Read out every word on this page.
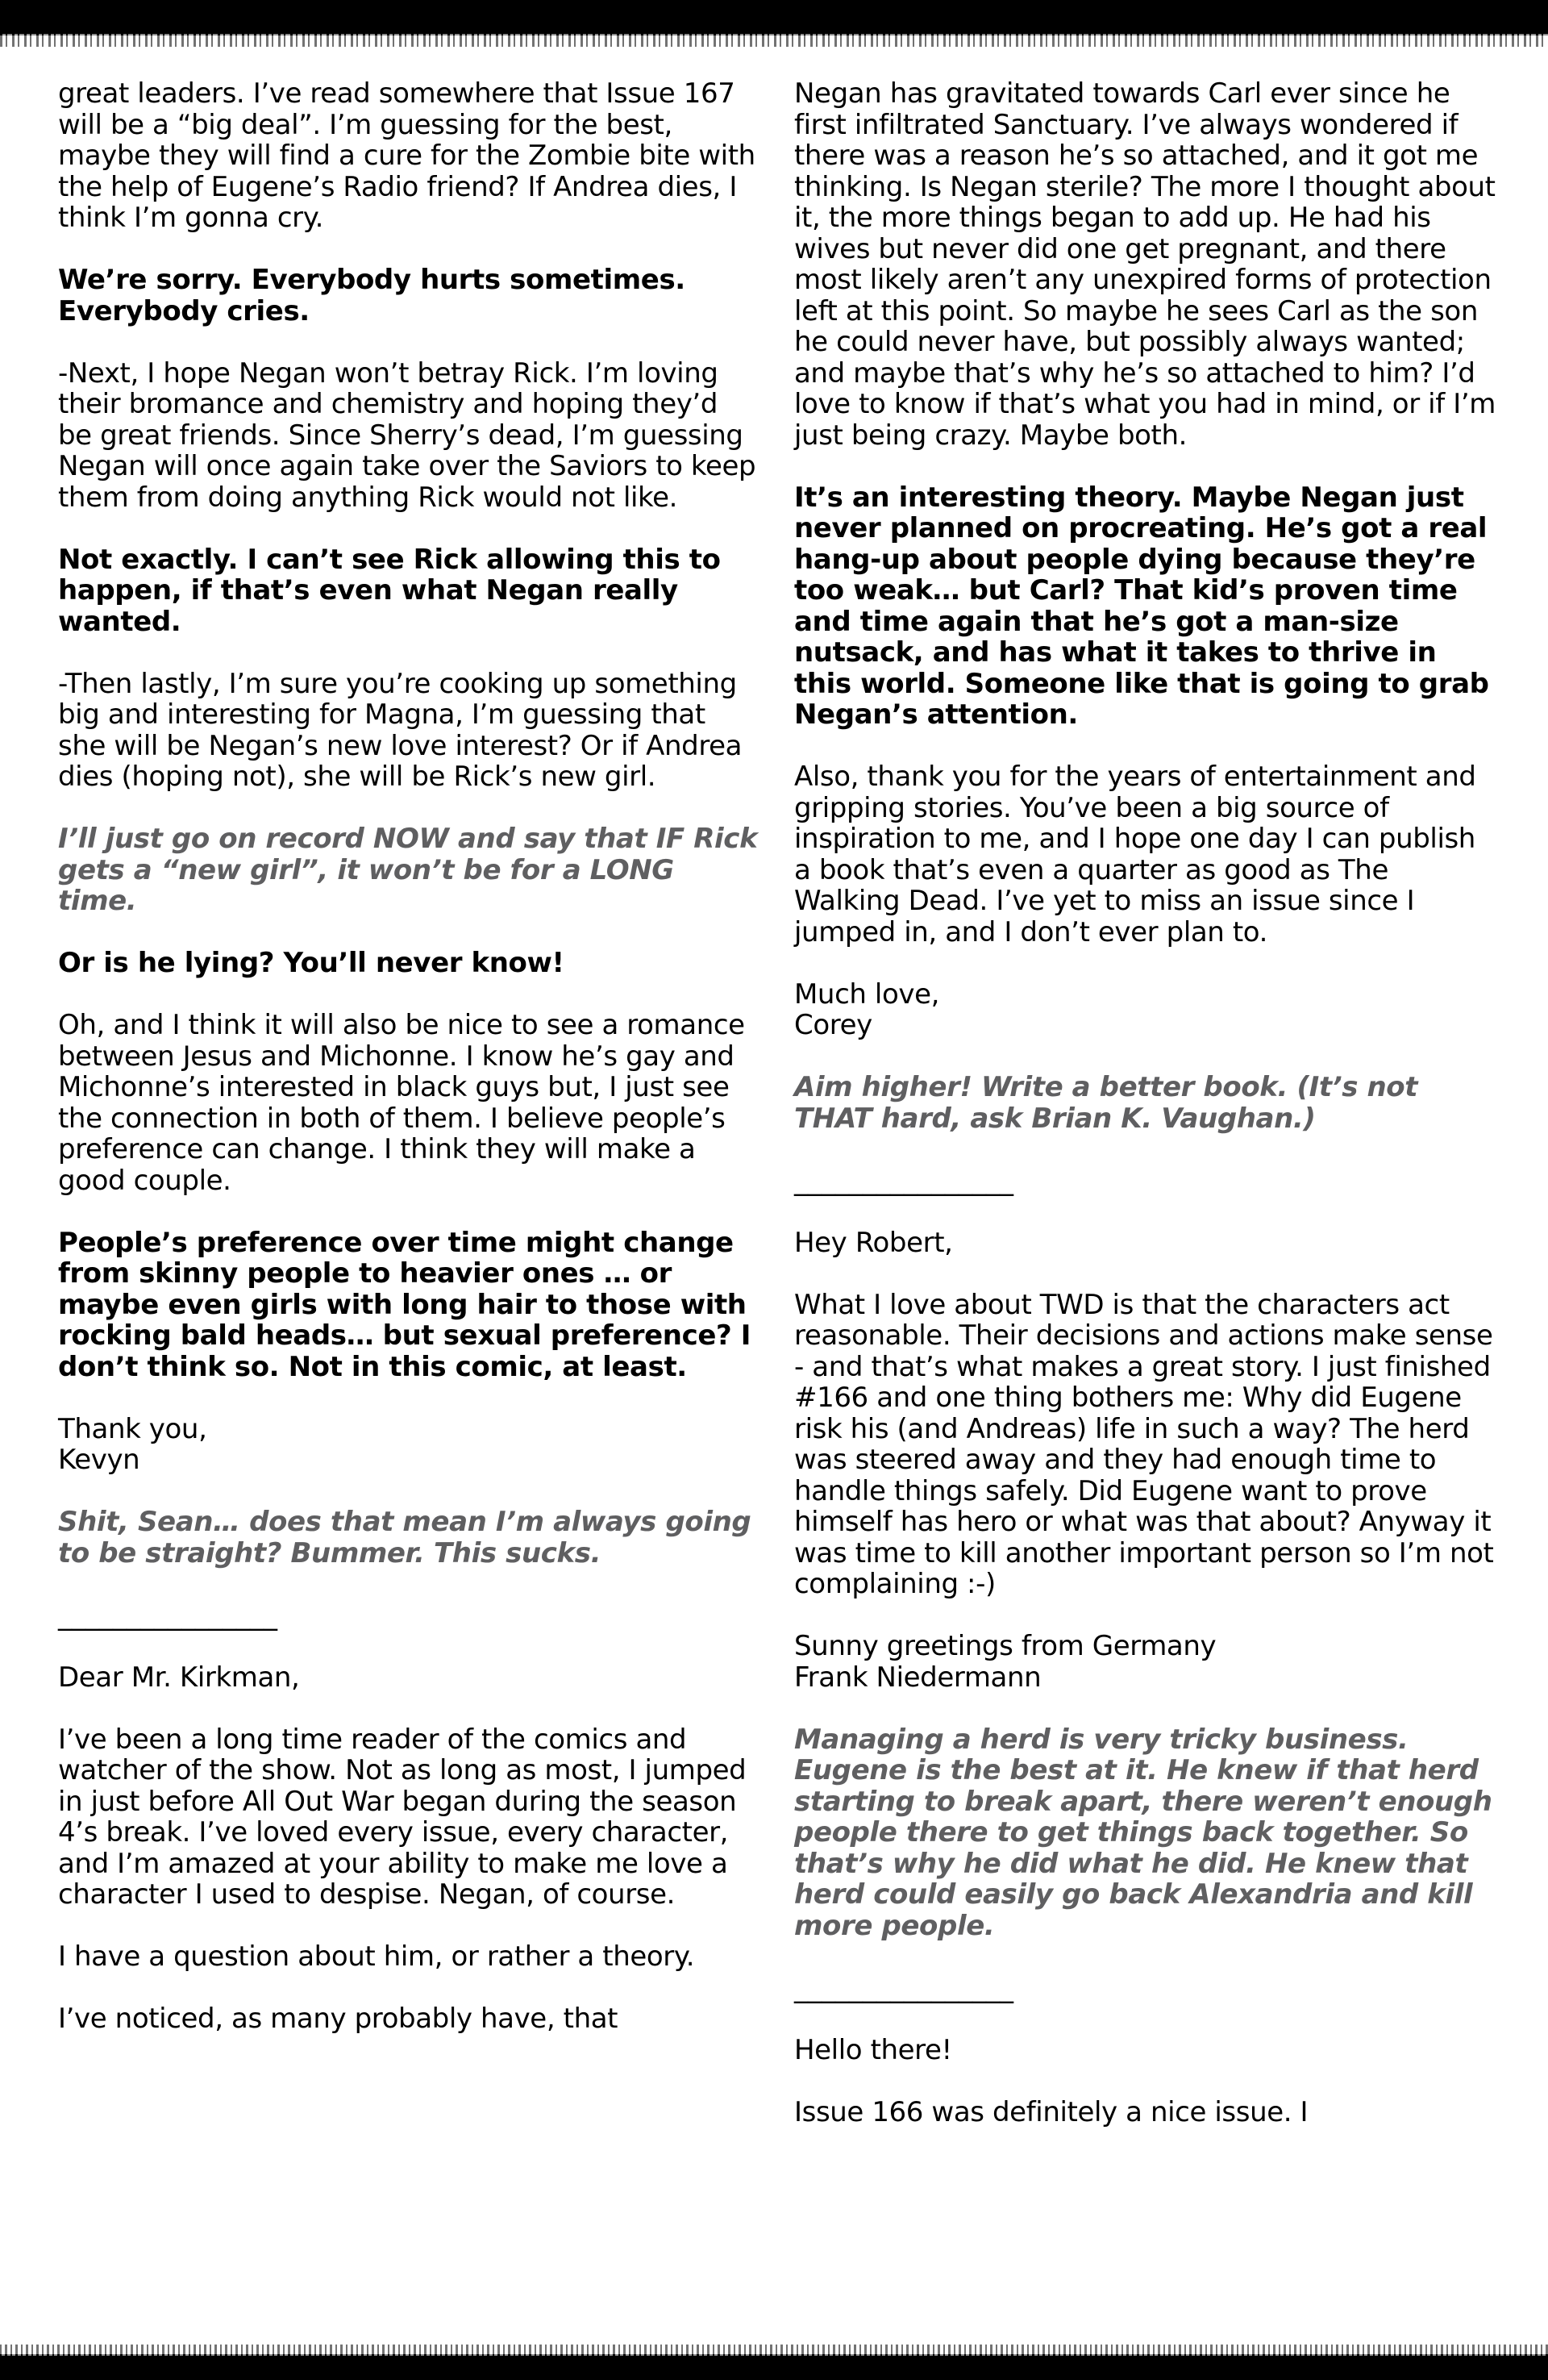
great leaders. I’ve read somewhere that Issue 167 will be a “big deal”. I’m guessing for the best, maybe they will find a cure for the Zombie bite with the help of Eugene’s Radio friend? If Andrea dies, I think I’m gonna cry.

We’re sorry. Everybody hurts sometimes. Everybody cries.

-Next, I hope Negan won’t betray Rick. I’m loving their bromance and chemistry and hoping they’d be great friends. Since Sherry’s dead, I’m guessing Negan will once again take over the Saviors to keep them from doing anything Rick would not like.

Not exactly. I can’t see Rick allowing this to happen, if that’s even what Negan really wanted.

-Then lastly, I’m sure you’re cooking up something big and interesting for Magna, I’m guessing that she will be Negan’s new love interest? Or if Andrea dies (hoping not), she will be Rick’s new girl.

I’ll just go on record NOW and say that IF Rick gets a “new girl”, it won’t be for a LONG time.

Or is he lying? You’ll never know!

Oh, and I think it will also be nice to see a romance between Jesus and Michonne. I know he’s gay and Michonne’s interested in black guys but, I just see the connection in both of them. I believe people’s preference can change. I think they will make a good couple.

People’s preference over time might change from skinny people to heavier ones … or maybe even girls with long hair to those with rocking bald heads… but sexual preference? I don’t think so. Not in this comic, at least.

Thank you,
Kevyn

Shit, Sean… does that mean I’m always going to be straight? Bummer. This sucks.

________________

Dear Mr. Kirkman,

I’ve been a long time reader of the comics and watcher of the show. Not as long as most, I jumped in just before All Out War began during the season 4’s break. I’ve loved every issue, every character, and I’m amazed at your ability to make me love a character I used to despise. Negan, of course.

I have a question about him, or rather a theory.

I’ve noticed, as many probably have, that

Negan has gravitated towards Carl ever since he first infiltrated Sanctuary. I’ve always wondered if there was a reason he’s so attached, and it got me thinking. Is Negan sterile? The more I thought about it, the more things began to add up. He had his wives but never did one get pregnant, and there most likely aren’t any unexpired forms of protection left at this point. So maybe he sees Carl as the son he could never have, but possibly always wanted; and maybe that’s why he’s so attached to him? I’d love to know if that’s what you had in mind, or if I’m just being crazy. Maybe both.

It’s an interesting theory. Maybe Negan just never planned on procreating. He’s got a real hang-up about people dying because they’re too weak… but Carl? That kid’s proven time and time again that he’s got a man-size nutsack, and has what it takes to thrive in this world. Someone like that is going to grab Negan’s attention.

Also, thank you for the years of entertainment and gripping stories. You’ve been a big source of inspiration to me, and I hope one day I can publish a book that’s even a quarter as good as The Walking Dead. I’ve yet to miss an issue since I jumped in, and I don’t ever plan to.

Much love,
Corey

Aim higher! Write a better book. (It’s not THAT hard, ask Brian K. Vaughan.)

________________

Hey Robert,

What I love about TWD is that the characters act reasonable. Their decisions and actions make sense - and that’s what makes a great story. I just finished #166 and one thing bothers me: Why did Eugene risk his (and Andreas) life in such a way? The herd was steered away and they had enough time to handle things safely. Did Eugene want to prove himself has hero or what was that about? Anyway it was time to kill another important person so I’m not complaining :-)

Sunny greetings from Germany
Frank Niedermann

Managing a herd is very tricky business. Eugene is the best at it. He knew if that herd starting to break apart, there weren’t enough people there to get things back together. So that’s why he did what he did. He knew that herd could easily go back Alexandria and kill more people.

________________

Hello there!

Issue 166 was definitely a nice issue. I
